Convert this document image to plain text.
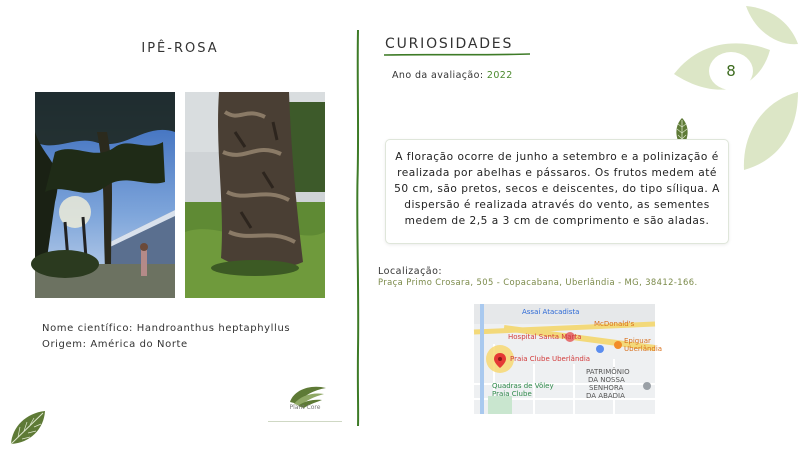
8
IPÊ-ROSA
Nome científico: Handroanthus heptaphyllus
Origem: América do Norte
Plant Core
CURIOSIDADES
Ano da avaliação: 2022
A floração ocorre de junho a setembro e a polinização é realizada por abelhas e pássaros. Os frutos medem até 50 cm, são pretos, secos e deiscentes, do tipo síliqua. A dispersão é realizada através do vento, as sementes medem de 2,5 a 3 cm de comprimento e são aladas.
Localização:
Praça Primo Crosara, 505 - Copacabana, Uberlândia - MG, 38412-166.
Assaí Atacadista
McDonald's
Hospital Santa Marta	Epiguar
Uberlândia
Praia Clube Uberlândia
PATRIMÔNIO
DA NOSSA
SENHORA
DA ABADIA
Quadras de Vôley
Praia Clube
